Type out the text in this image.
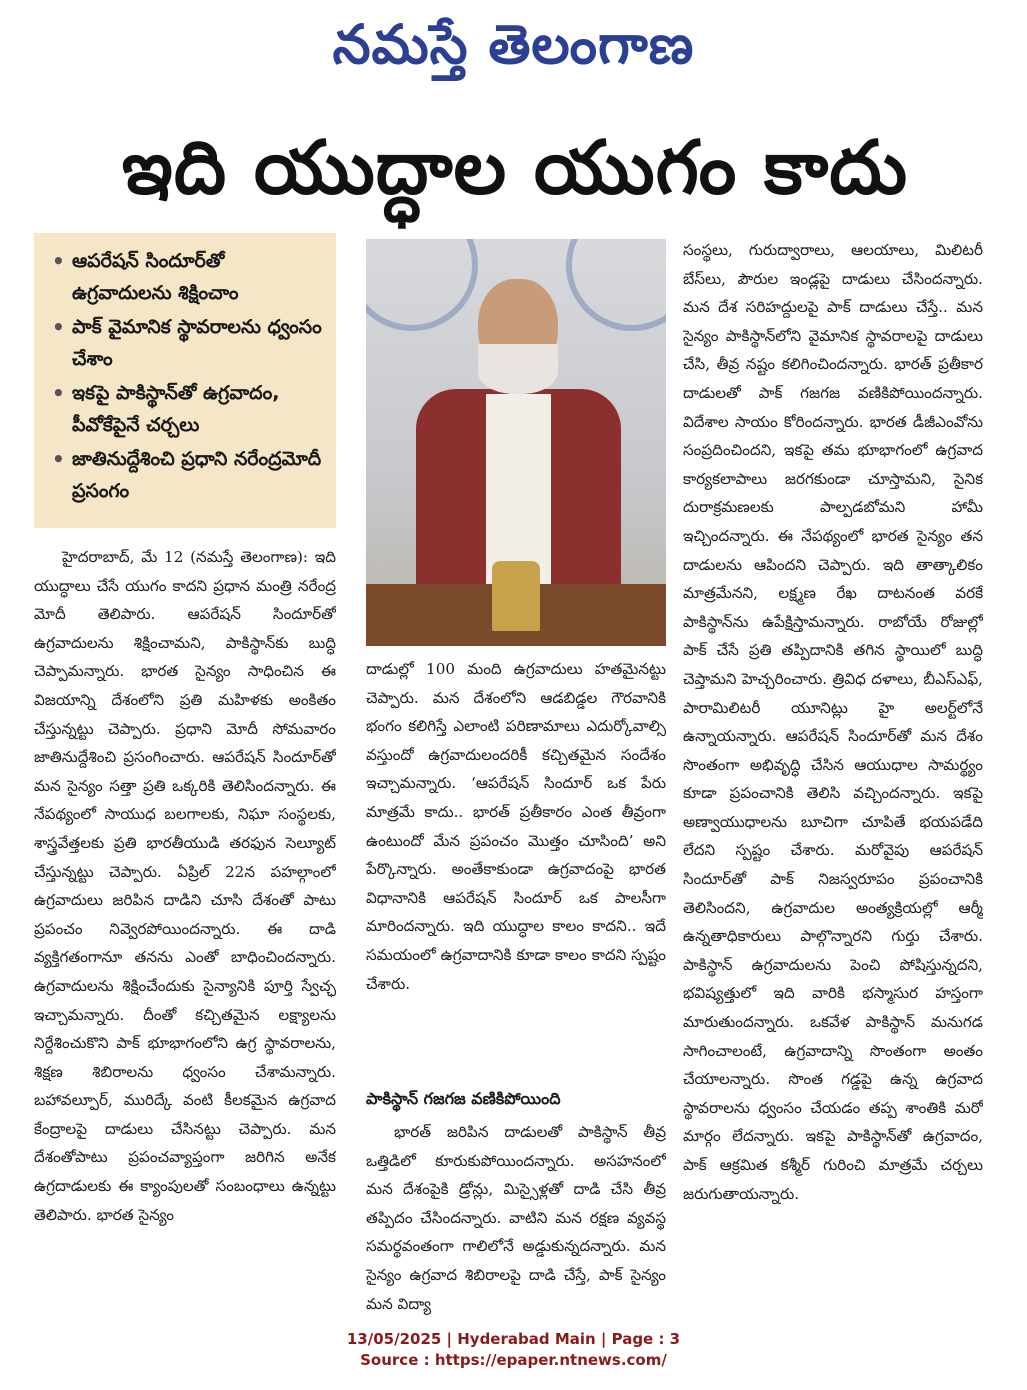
నమస్తే తెలంగాణ
ఇది యుద్ధాల యుగం కాదు
• ఆపరేషన్ సిందూర్‌తో ఉగ్రవాదులను శిక్షించాం
• పాక్ వైమానిక స్థావరాలను ధ్వంసం చేశాం
• ఇకపై పాకిస్థాన్‌తో ఉగ్రవాదం, పీవోకేపైనే చర్చలు
• జాతినుద్దేశించి ప్రధాని నరేంద్రమోదీ ప్రసంగం
హైదరాబాద్, మే 12 (నమస్తే తెలంగాణ): ఇది యుద్ధాలు చేసే యుగం కాదని ప్రధాన మంత్రి నరేంద్ర మోదీ తెలిపారు. ఆపరేషన్ సిందూర్‌తో ఉగ్రవాదులను శిక్షించామని, పాకిస్థాన్‌కు బుద్ధి చెప్పామన్నారు. భారత సైన్యం సాధించిన ఈ విజయాన్ని దేశంలోని ప్రతి మహిళకు అంకితం చేస్తున్నట్టు చెప్పారు. ప్రధాని మోదీ సోమవారం జాతినుద్దేశించి ప్రసంగించారు. ఆపరేషన్ సిందూర్‌తో మన సైన్యం సత్తా ప్రతి ఒక్కరికి తెలిసిందన్నారు. ఈ నేపథ్యంలో సాయుధ బలగాలకు, నిఘా సంస్థలకు, శాస్త్రవేత్తలకు ప్రతి భారతీయుడి తరఫున సెల్యూట్ చేస్తున్నట్టు చెప్పారు. ఏప్రిల్ 22న పహల్గాంలో ఉగ్రవాదులు జరిపిన దాడిని చూసి దేశంతో పాటు ప్రపంచం నివ్వెరపోయిందన్నారు. ఈ దాడి వ్యక్తిగతంగానూ తనను ఎంతో బాధించిందన్నారు. ఉగ్రవాదులను శిక్షించేందుకు సైన్యానికి పూర్తి స్వేచ్ఛ ఇచ్చామన్నారు. దీంతో కచ్చితమైన లక్ష్యాలను నిర్దేశించుకొని పాక్ భూభాగంలోని ఉగ్ర స్థావరాలను, శిక్షణ శిబిరాలను ధ్వంసం చేశామన్నారు. బహావల్పూర్, మురిద్కే వంటి కీలకమైన ఉగ్రవాద కేంద్రాలపై దాడులు చేసినట్టు చెప్పారు. మన దేశంతోపాటు ప్రపంచవ్యాప్తంగా జరిగిన అనేక ఉగ్రదాడులకు ఈ క్యాంపులతో సంబంధాలు ఉన్నట్టు తెలిపారు. భారత సైన్యం
దాడుల్లో 100 మంది ఉగ్రవాదులు హతమైనట్టు చెప్పారు. మన దేశంలోని ఆడబిడ్డల గౌరవానికి భంగం కలిగిస్తే ఎలాంటి పరిణామాలు ఎదుర్కోవాల్సి వస్తుందో ఉగ్రవాదులందరికీ కచ్చితమైన సందేశం ఇచ్చామన్నారు. ‘ఆపరేషన్ సిందూర్ ఒక పేరు మాత్రమే కాదు.. భారత్ ప్రతీకారం ఎంత తీవ్రంగా ఉంటుందో మేన ప్రపంచం మొత్తం చూసింది’ అని పేర్కొన్నారు. అంతేకాకుండా ఉగ్రవాదంపై భారత విధానానికి ఆపరేషన్ సిందూర్ ఒక పాలసీగా మారిందన్నారు. ఇది యుద్ధాల కాలం కాదని.. ఇదే సమయంలో ఉగ్రవాదానికి కూడా కాలం కాదని స్పష్టం చేశారు.
పాకిస్థాన్ గజగజ వణికిపోయింది
భారత్ జరిపిన దాడులతో పాకిస్థాన్ తీవ్ర ఒత్తిడిలో కూరుకుపోయిందన్నారు. అసహనంలో మన దేశంపైకి డ్రోన్లు, మిస్సైళ్లతో దాడి చేసి తీవ్ర తప్పిదం చేసిందన్నారు. వాటిని మన రక్షణ వ్యవస్థ సమర్థవంతంగా గాలిలోనే అడ్డుకున్నదన్నారు. మన సైన్యం ఉగ్రవాద శిబిరాలపై దాడి చేస్తే, పాక్ సైన్యం మన విద్యా
సంస్థలు, గురుద్వారాలు, ఆలయాలు, మిలిటరీ బేస్‌లు, పౌరుల ఇండ్లపై దాడులు చేసిందన్నారు. మన దేశ సరిహద్దులపై పాక్ దాడులు చేస్తే.. మన సైన్యం పాకిస్థాన్‌లోని వైమానిక స్థావరాలపై దాడులు చేసి, తీవ్ర నష్టం కలిగించిందన్నారు. భారత్ ప్రతీకార దాడులతో పాక్ గజగజ వణికిపోయిందన్నారు. విదేశాల సాయం కోరిందన్నారు. భారత డీజీఎంవోను సంప్రదించిందని, ఇకపై తమ భూభాగంలో ఉగ్రవాద కార్యకలాపాలు జరగకుండా చూస్తామని, సైనిక దురాక్రమణలకు పాల్పడబోమని హామీ ఇచ్చిందన్నారు. ఈ నేపథ్యంలో భారత సైన్యం తన దాడులను ఆపిందని చెప్పారు. ఇది తాత్కాలికం మాత్రమేనని, లక్ష్మణ రేఖ దాటనంత వరకే పాకిస్థాన్‌ను ఉపేక్షిస్తామన్నారు. రాబోయే రోజుల్లో పాక్ చేసే ప్రతి తప్పిదానికి తగిన స్థాయిలో బుద్ధి చెప్తామని హెచ్చరించారు. త్రివిధ దళాలు, బీఎస్ఎఫ్, పారామిలిటరీ యూనిట్లు హై అలర్ట్‌లోనే ఉన్నాయన్నారు. ఆపరేషన్ సిందూర్‌తో మన దేశం సొంతంగా అభివృద్ధి చేసిన ఆయుధాల సామర్థ్యం కూడా ప్రపంచానికి తెలిసి వచ్చిందన్నారు. ఇకపై అణ్వాయుధాలను బూచిగా చూపితే భయపడేది లేదని స్పష్టం చేశారు. మరోవైపు ఆపరేషన్ సిందూర్‌తో పాక్ నిజస్వరూపం ప్రపంచానికి తెలిసిందని, ఉగ్రవాదుల అంత్యక్రియల్లో ఆర్మీ ఉన్నతాధికారులు పాల్గొన్నారని గుర్తు చేశారు. పాకిస్థాన్ ఉగ్రవాదులను పెంచి పోషిస్తున్నదని, భవిష్యత్తులో ఇది వారికి భస్మాసుర హస్తంగా మారుతుందన్నారు. ఒకవేళ పాకిస్థాన్ మనుగడ సాగించాలంటే, ఉగ్రవాదాన్ని సొంతంగా అంతం చేయాలన్నారు. సొంత గడ్డపై ఉన్న ఉగ్రవాద స్థావరాలను ధ్వంసం చేయడం తప్ప శాంతికి మరో మార్గం లేదన్నారు. ఇకపై పాకిస్థాన్‌తో ఉగ్రవాదం, పాక్ ఆక్రమిత కశ్మీర్ గురించి మాత్రమే చర్చలు జరుగుతాయన్నారు.
13/05/2025 | Hyderabad Main | Page : 3
Source : https://epaper.ntnews.com/
